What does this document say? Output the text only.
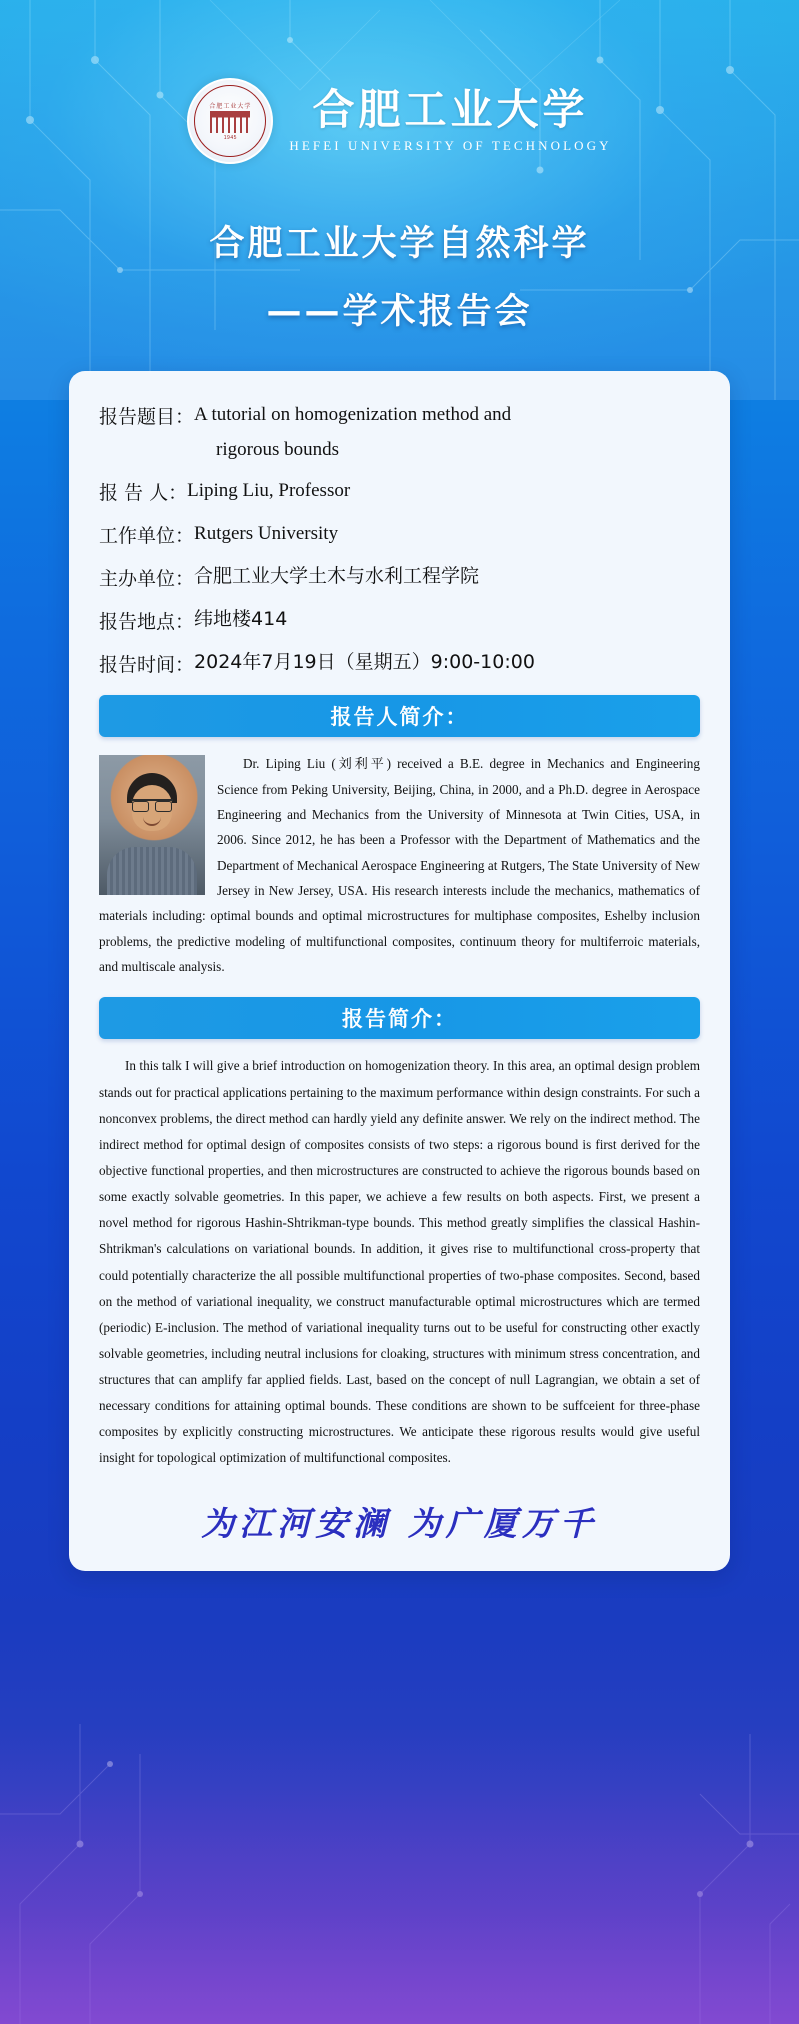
合肥工业大学
1945
合肥工业大学
HEFEI UNIVERSITY OF TECHNOLOGY
合肥工业大学自然科学
——学术报告会
报告题目： A tutorial on homogenization method and
rigorous bounds
报 告 人： Liping Liu, Professor
工作单位： Rutgers University
主办单位： 合肥工业大学土木与水利工程学院
报告地点： 纬地楼414
报告时间： 2024年7月19日（星期五）9:00-10:00
报告人简介：
Dr. Liping Liu (刘利平) received a B.E. degree in Mechanics and Engineering Science from Peking University, Beijing, China, in 2000, and a Ph.D. degree in Aerospace Engineering and Mechanics from the University of Minnesota at Twin Cities, USA, in 2006. Since 2012, he has been a Professor with the Department of Mathematics and the Department of Mechanical Aerospace Engineering at Rutgers, The State University of New Jersey in New Jersey, USA. His research interests include the mechanics, mathematics of materials including: optimal bounds and optimal microstructures for multiphase composites, Eshelby inclusion problems, the predictive modeling of multifunctional composites, continuum theory for multiferroic materials, and multiscale analysis.
报告简介：
In this talk I will give a brief introduction on homogenization theory. In this area, an optimal design problem stands out for practical applications pertaining to the maximum performance within design constraints. For such a nonconvex problems, the direct method can hardly yield any definite answer. We rely on the indirect method. The indirect method for optimal design of composites consists of two steps: a rigorous bound is first derived for the objective functional properties, and then microstructures are constructed to achieve the rigorous bounds based on some exactly solvable geometries. In this paper, we achieve a few results on both aspects. First, we present a novel method for rigorous Hashin-Shtrikman-type bounds. This method greatly simplifies the classical Hashin-Shtrikman's calculations on variational bounds. In addition, it gives rise to multifunctional cross-property that could potentially characterize the all possible multifunctional properties of two-phase composites. Second, based on the method of variational inequality, we construct manufacturable optimal microstructures which are termed (periodic) E-inclusion. The method of variational inequality turns out to be useful for constructing other exactly solvable geometries, including neutral inclusions for cloaking, structures with minimum stress concentration, and structures that can amplify far applied fields. Last, based on the concept of null Lagrangian, we obtain a set of necessary conditions for attaining optimal bounds. These conditions are shown to be suffceient for three-phase composites by explicitly constructing microstructures. We anticipate these rigorous results would give useful insight for topological optimization of multifunctional composites.
为江河安澜 为广厦万千
